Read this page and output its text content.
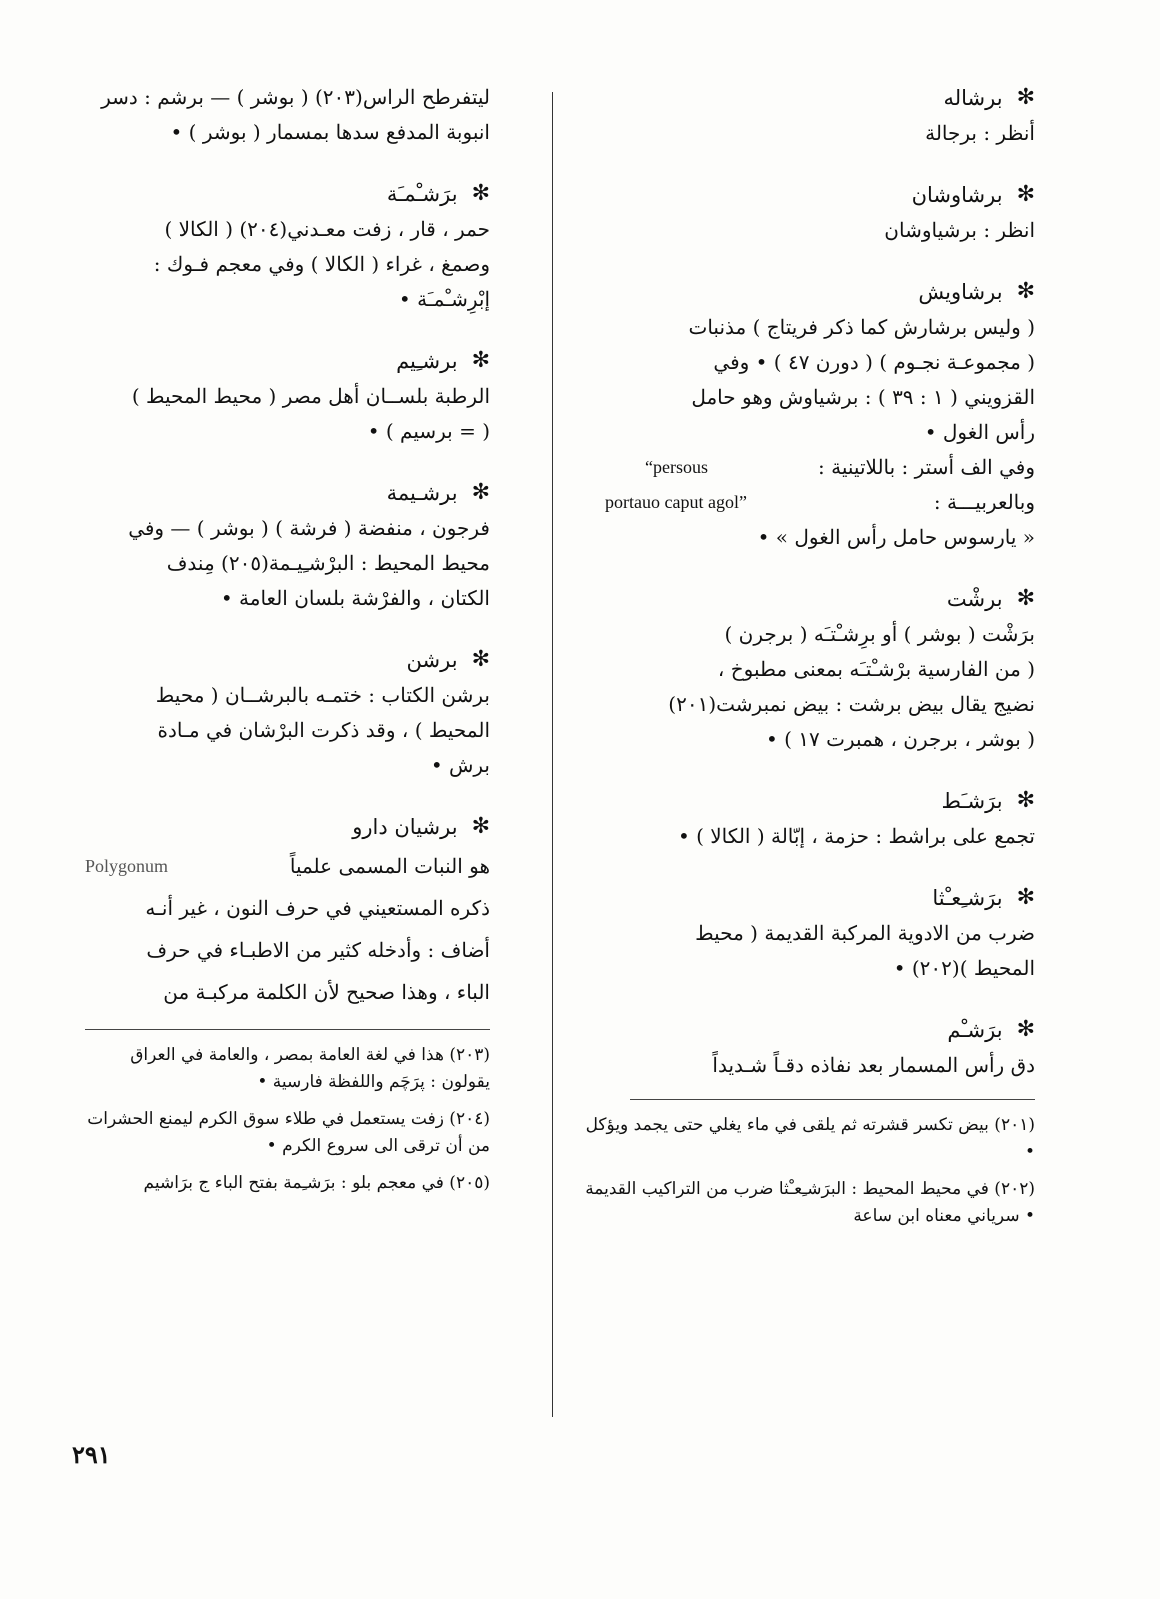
✻
برشاله

أنظر : برجالة

✻
برشاوشان

انظر : برشياوشان

✻
برشاويش

( وليس برشارش كما ذكر فريتاج ) مذنبات

( مجموعـة نجـوم ) ( دورن ٤٧ ) • وفي

القزويني ( ١ : ٣٩ ) : برشياوش وهو حامل

رأس الغول •

وفي الف أستر : باللاتينية :
“persous

وبالعربيـــة :
portauo caput agol”

« يارسوس حامل رأس الغول » •

✻
برشْت

برَشْت ( بوشر ) أو برِشـْتـَه ( برجرن )

( من الفارسية برْشـْتـَه بمعنى مطبوخ ،

نضيج يقال بيض برشت : بيض نمبرشت(٢٠١)

( بوشر ، برجرن ، همبرت ١٧ ) •

✻
برَشـَط

تجمع على براشط : حزمة ، إبّالة ( الكالا ) •

✻
برَشـِعـْثا

ضرب من الادوية المركبة القديمة ( محيط

المحيط )(٢٠٢) •

✻
برَشـْم

دق رأس المسمار بعد نفاذه دقـاً شـديداً

(٢٠١) بيض تكسر قشرته ثم يلقى في ماء يغلي حتى يجمد ويؤكل •
(٢٠٢) في محيط المحيط : البرَشـِعـْثا ضرب من التراكيب القديمة • سرياني معناه ابن ساعة

ليتفرطح الراس(٢٠٣) ( بوشر ) — برشم : دسر

انبوبة المدفع سدها بمسمار ( بوشر ) •

✻
برَشـْمـَة

حمر ، قار ، زفت معـدني(٢٠٤) ( الكالا )

وصمغ ، غراء ( الكالا ) وفي معجم فـوك :

إبْرِشـْمـَة •

✻
برشـِيم

الرطبة بلســان أهل مصر ( محيط المحيط )

( = برسيم ) •

✻
برشـيمة

فرجون ، منفضة ( فرشة ) ( بوشر ) — وفي

محيط المحيط : البرْشـِيـمة(٢٠٥) مِندف

الكتان ، والفرْشة بلسان العامة •

✻
برشن

برشن الكتاب : ختمـه بالبرشــان ( محيط

المحيط ) ، وقد ذكرت البرْشان في مـادة

برش •

✻
برشيان دارو

هو النبات المسمى علمياً
Polygonum

ذكره المستعيني في حرف النون ، غير أنـه

أضاف : وأدخله كثير من الاطبـاء في حرف

الباء ، وهذا صحيح لأن الكلمة مركبـة من

(٢٠٣) هذا في لغة العامة بمصر ، والعامة في العراق يقولون : پرَچَم واللفظة فارسية •
(٢٠٤) زفت يستعمل في طلاء سوق الكرم ليمنع الحشرات من أن ترقى الى سروع الكرم •
(٢٠٥) في معجم بلو : برَشـِمة بفتح الباء ج برَاشيم
٢٩١
